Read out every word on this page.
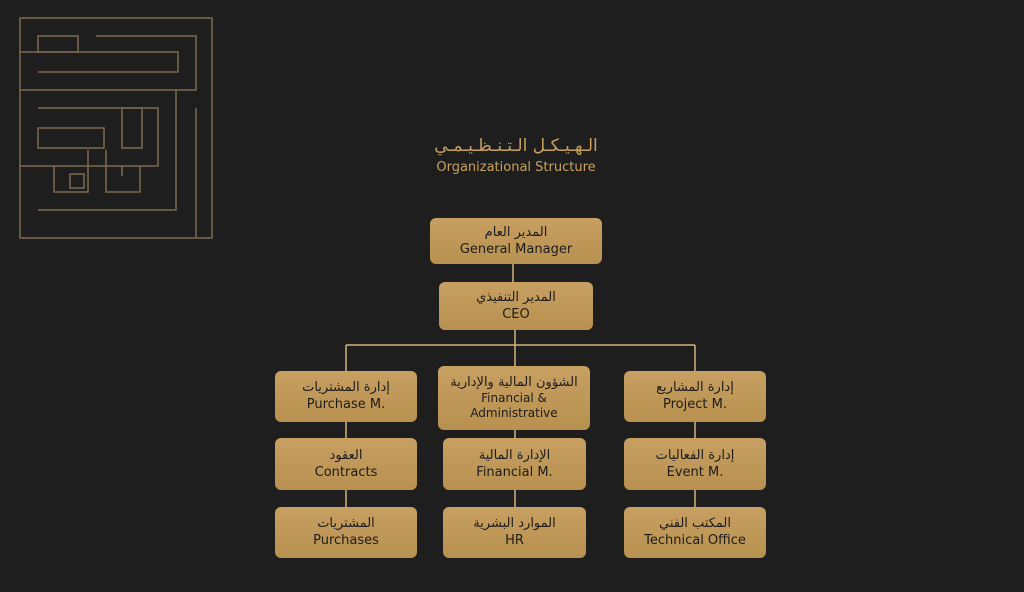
الـهـيـكـل الـتـنـظـيـمـي
Organizational Structure
المدير العام
General Manager
المدير التنفيذي
CEO
إدارة المشتريات
Purchase M.
الشؤون المالية والإدارية
Financial &
Administrative
إدارة المشاريع
Project M.
العقود
Contracts
الإدارة المالية
Financial M.
إدارة الفعاليات
Event M.
المشتريات
Purchases
الموارد البشرية
HR
المكتب الفني
Technical Office
